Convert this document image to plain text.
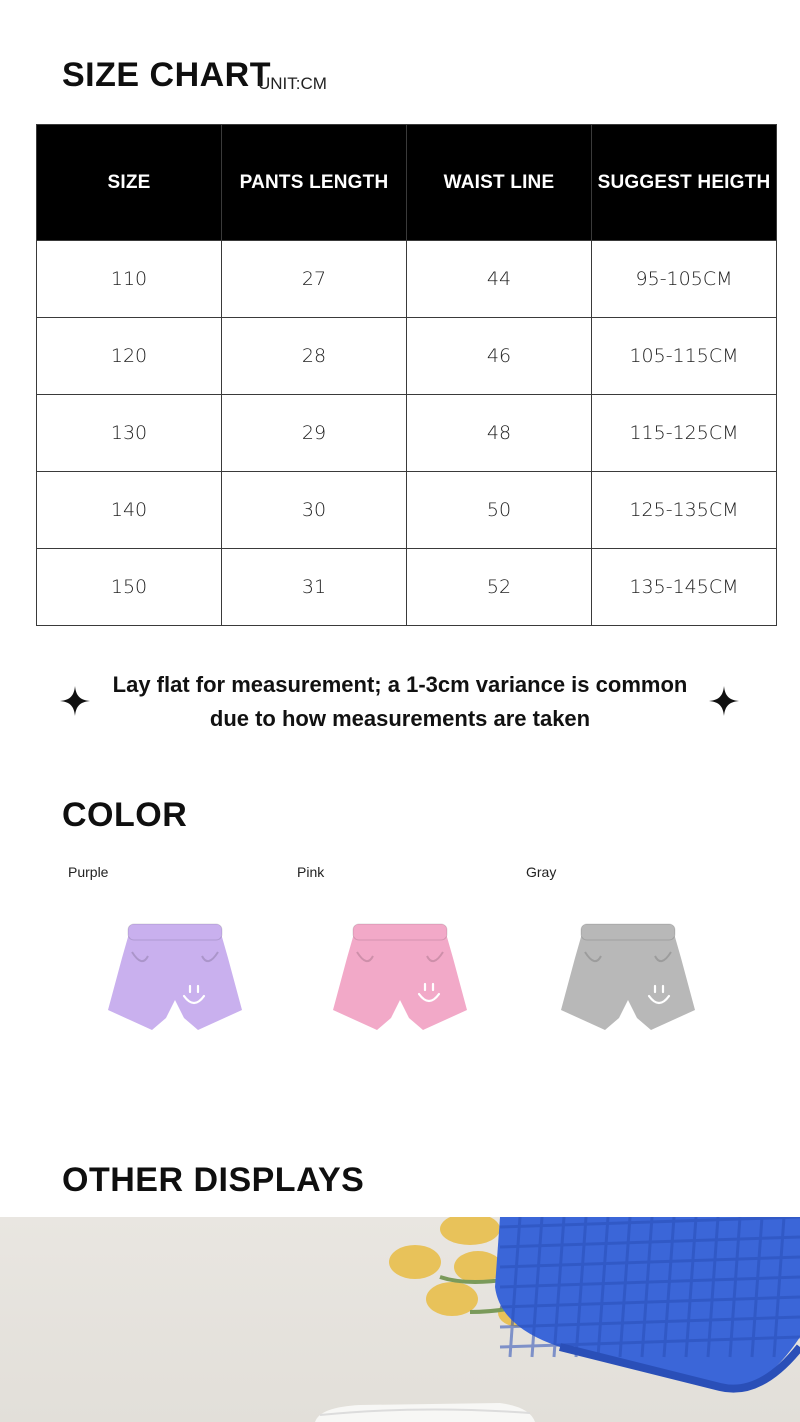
SIZE CHART
UNIT:CM
SIZE	PANTS LENGTH	WAIST LINE	SUGGEST HEIGTH
110	27	44	95-105CM
120	28	46	105-115CM
130	29	48	115-125CM
140	30	50	125-135CM
150	31	52	135-145CM
Lay flat for measurement; a 1-3cm variance is common
due to how measurements are taken
COLOR
Purple	Pink	Gray
OTHER DISPLAYS
